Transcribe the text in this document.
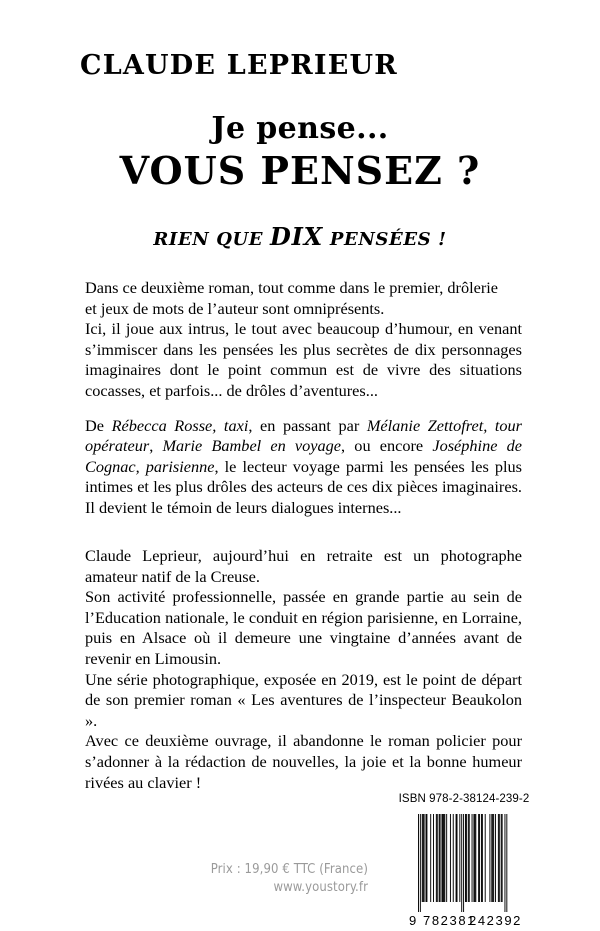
CLAUDE LEPRIEUR
Je pense...
VOUS PENSEZ ?
RIEN QUE DIX PENSÉES !

Dans ce deuxième roman, tout comme dans le premier, drôlerie
et jeux de mots de l’auteur sont omniprésents.

Ici, il joue aux intrus, le tout avec beaucoup d’humour, en venant s’immiscer dans les pensées les plus secrètes de dix personnages imaginaires dont le point commun est de vivre des situations cocasses, et parfois... de drôles d’aventures...

De Rébecca Rosse, taxi, en passant par Mélanie Zettofret, tour opérateur, Marie Bambel en voyage, ou encore Joséphine de Cognac, parisienne, le lecteur voyage parmi les pensées les plus intimes et les plus drôles des acteurs de ces dix pièces imaginaires. Il devient le témoin de leurs dialogues internes...

Claude Leprieur, aujourd’hui en retraite est un photographe amateur natif de la Creuse.

Son activité professionnelle, passée en grande partie au sein de l’Education nationale, le conduit en région parisienne, en Lorraine, puis en Alsace où il demeure une vingtaine d’années avant de revenir en Limousin.

Une série photographique, exposée en 2019, est le point de départ de son premier roman « Les aventures de l’inspecteur Beaukolon ».

Avec ce deuxième ouvrage, il abandonne le roman policier pour s’adonner à la rédaction de nouvelles, la joie et la bonne humeur rivées au clavier !

ISBN 978-2-38124-239-2
9 782381
242392
Prix : 19,90 € TTC (France)
www.youstory.fr
